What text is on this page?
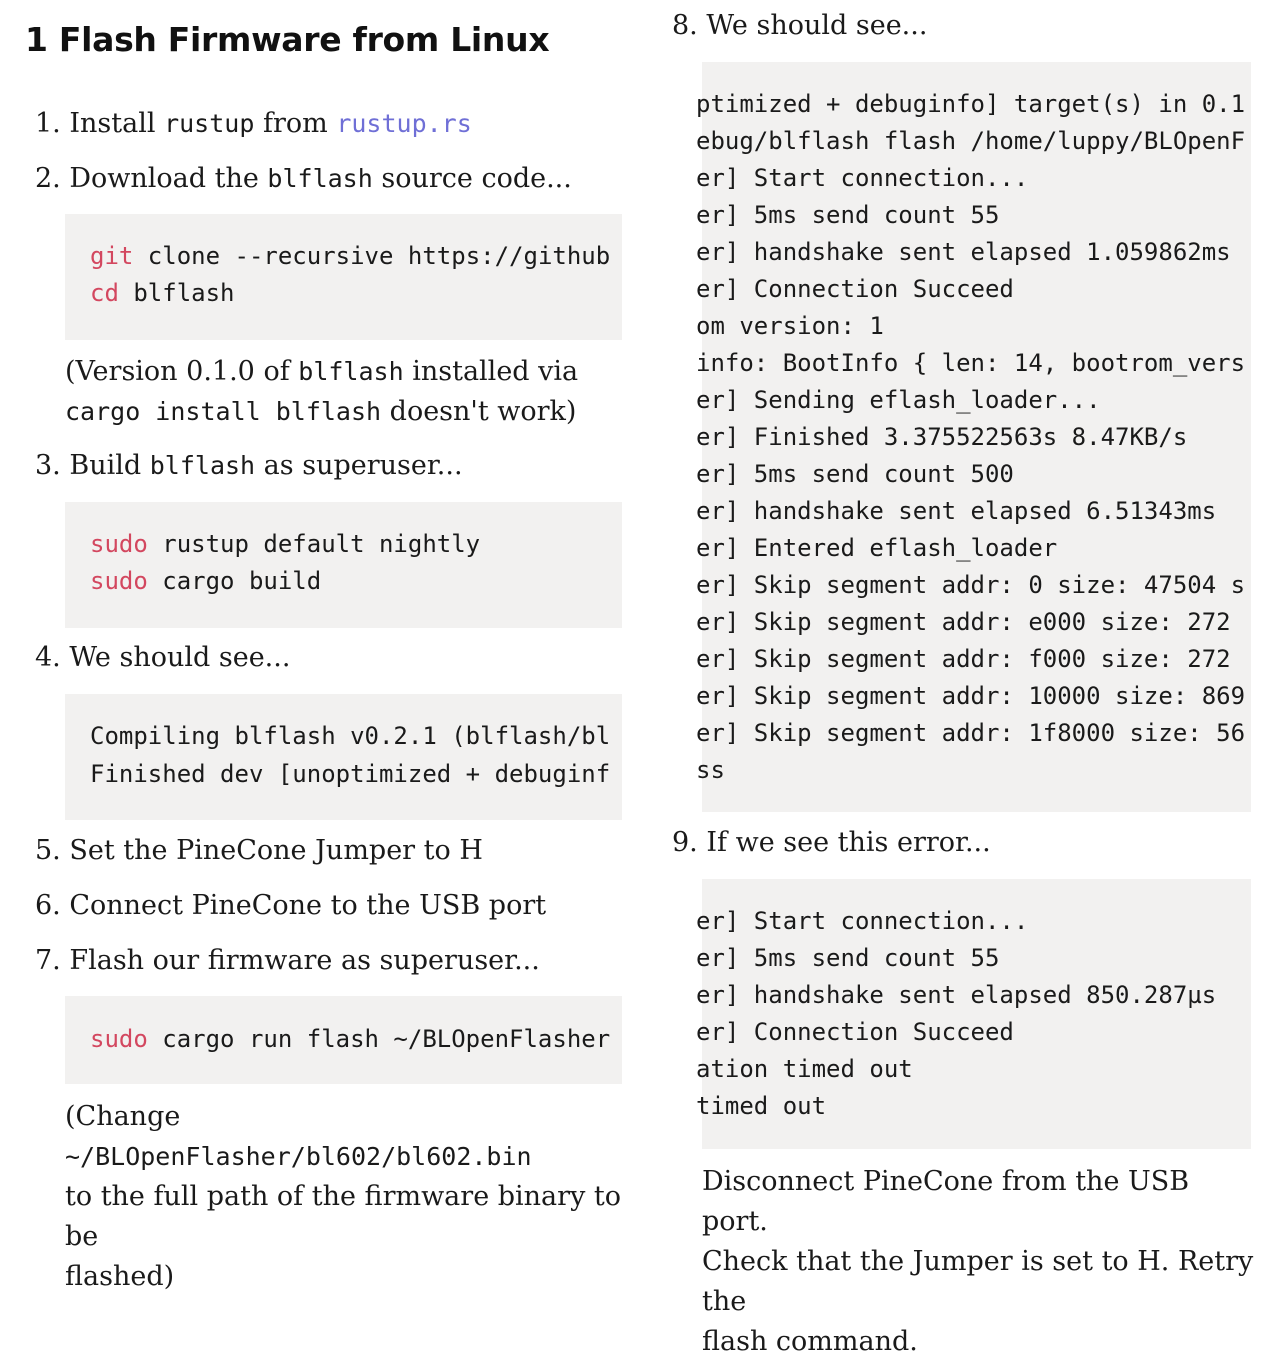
1 Flash Firmware from Linux
1. Install rustup from rustup.rs
2. Download the blflash source code...
git clone --recursive https://github
cd blflash
(Version 0.1.0 of blflash installed via
cargo install blflash doesn't work)
3. Build blflash as superuser...
sudo rustup default nightly
sudo cargo build
4. We should see...
Compiling blflash v0.2.1 (blflash/bl
Finished dev [unoptimized + debuginf
5. Set the PineCone Jumper to H
6. Connect PineCone to the USB port
7. Flash our firmware as superuser...
sudo cargo run flash ~/BLOpenFlasher
(Change
~/BLOpenFlasher/bl602/bl602.bin
to the full path of the firmware binary to be
flashed)
8. We should see...
ptimized + debuginfo] target(s) in 0.1
ebug/blflash flash /home/luppy/BLOpenF
er] Start connection...
er] 5ms send count 55
er] handshake sent elapsed 1.059862ms
er] Connection Succeed
om version: 1
info: BootInfo { len: 14, bootrom_vers
er] Sending eflash_loader...
er] Finished 3.375522563s 8.47KB/s
er] 5ms send count 500
er] handshake sent elapsed 6.51343ms
er] Entered eflash_loader
er] Skip segment addr: 0 size: 47504 s
er] Skip segment addr: e000 size: 272
er] Skip segment addr: f000 size: 272
er] Skip segment addr: 10000 size: 869
er] Skip segment addr: 1f8000 size: 56
ss
9. If we see this error...
er] Start connection...
er] 5ms send count 55
er] handshake sent elapsed 850.287µs
er] Connection Succeed
ation timed out
timed out
Disconnect PineCone from the USB port.
Check that the Jumper is set to H. Retry the
flash command.
